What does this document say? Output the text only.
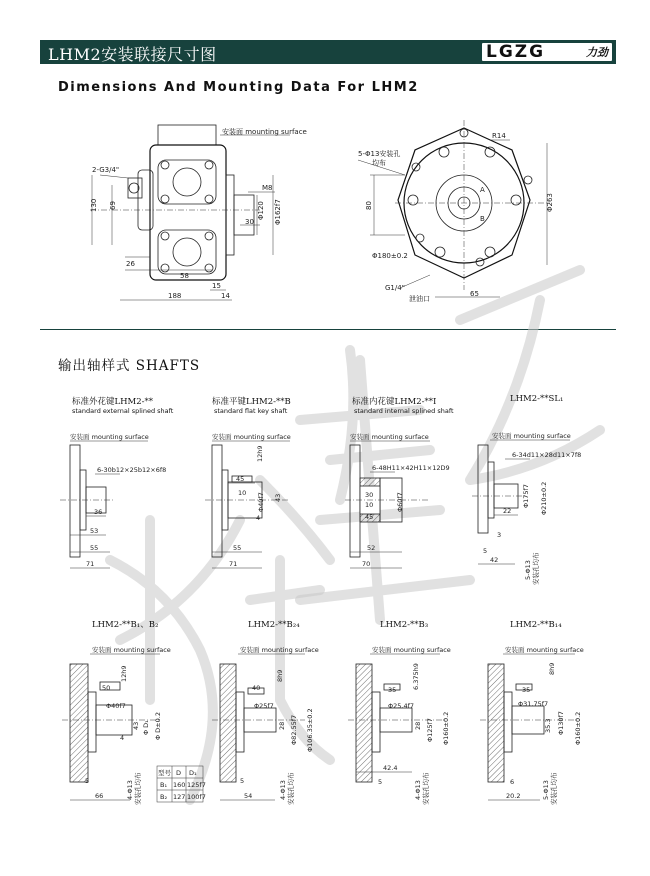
LHM2安装联接尺寸图	LGZG	力劲
Dimensions And Mounting Data For LHM2
输出轴样式 SHAFTS
安装面 mounting surface
2-G3/4"
130 69
26
58
188
15
14
M8
30
Φ120 Φ162f7
5-Φ13安装孔
均布
R14
80	Φ263
Φ180±0.2
65
A
B
G1/4"
泄油口
标准外花键LHM2-**
standard external splined shaft
安装面 mounting surface
6-30b12×25b12×6f8
36
53
55
71
标准平键LHM2-**B
standard flat key shaft
安装面 mounting surface
12h9
45
10 Φ40f7 43
4
55
71
标准内花键LHM2-**I
standard internal splined shaft
安装面 mounting surface
6-48H11×42H11×12D9
30
10
45
Φ60f7
52
70
LHM2-**SL₁
安装面 mounting surface
6-34d11×28d11×7f8
Φ175f7 Φ210±0.2
22
3
5
42
5-Φ13 安装孔均布
LHM2-**B₁、B₂
安装面 mounting surface
12h9
50
Φ40f7
43 Φ D₁ Φ D±0.2
4
5
66	4-Φ13 安装孔均布 型号 D D₁
B₁ 160 125f7
B₂ 127 100f7
LHM2-**B₂₄
安装面 mounting surface
8h9
40
Φ25f7
28 Φ82.55f7 Φ106.35±0.2
5
54	4-Φ13 安装孔均布
LHM2-**B₃
安装面 mounting surface
6.375h9
35
Φ25.4f7
28 Φ125f7 Φ160±0.2
42.4
5	4-Φ13 安装孔均布
LHM2-**B₁₄
安装面 mounting surface
8h9
35
Φ31.75f7
35.3 Φ130f7 Φ160±0.2
6
20.2	5-Φ13 安装孔均布
